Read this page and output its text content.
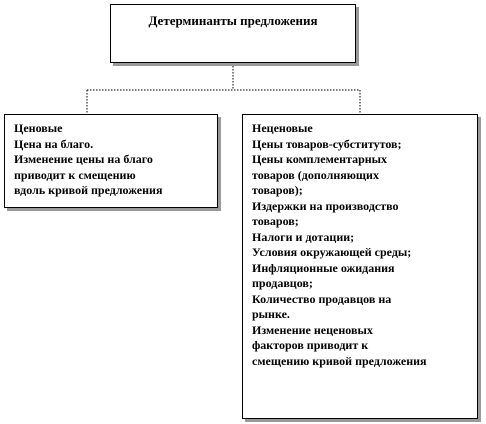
Детерминанты предложения
Ценовые
Цена на благо.
Изменение цены на благо
приводит к смещению
вдоль кривой предложения
Неценовые
Цены товаров-субститутов;
Цены комплементарных
товаров (дополняющих
товаров);
Издержки на производство
товаров;
Налоги и дотации;
Условия окружающей среды;
Инфляционные ожидания
продавцов;
Количество продавцов на
рынке.
Изменение неценовых
факторов приводит к
смещению кривой предложения
